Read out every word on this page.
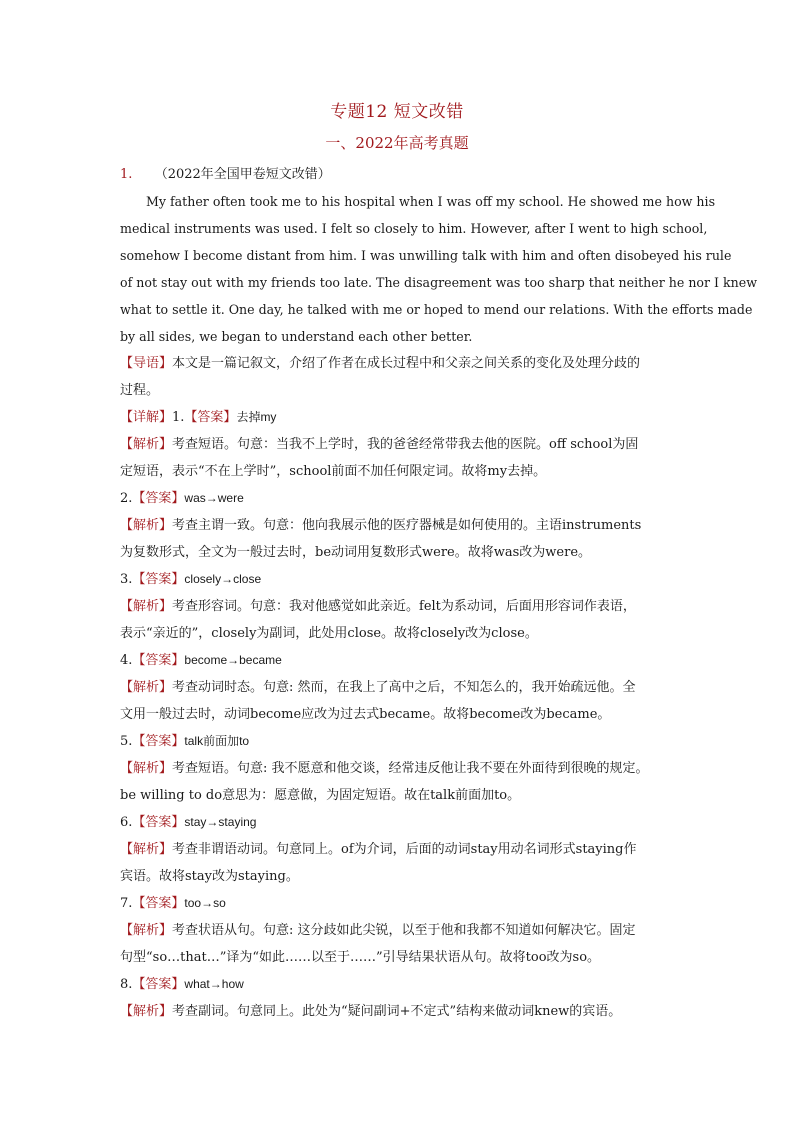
专题12 短文改错
一、2022年高考真题
1. （2022年全国甲卷短文改错）
My father often took me to his hospital when I was off my school. He showed me how his
medical instruments was used. I felt so closely to him. However, after I went to high school,
somehow I become distant from him. I was unwilling talk with him and often disobeyed his rule
of not stay out with my friends too late. The disagreement was too sharp that neither he nor I knew
what to settle it. One day, he talked with me or hoped to mend our relations. With the efforts made
by all sides, we began to understand each other better.
【导语】本文是一篇记叙文，介绍了作者在成长过程中和父亲之间关系的变化及处理分歧的
过程。
【详解】1.【答案】去掉my
【解析】考查短语。句意：当我不上学时，我的爸爸经常带我去他的医院。off school为固
定短语，表示“不在上学时”，school前面不加任何限定词。故将my去掉。
2.【答案】was→were
【解析】考查主谓一致。句意：他向我展示他的医疗器械是如何使用的。主语instruments
为复数形式，全文为一般过去时，be动词用复数形式were。故将was改为were。
3.【答案】closely→close
【解析】考查形容词。句意：我对他感觉如此亲近。felt为系动词，后面用形容词作表语，
表示“亲近的”，closely为副词，此处用close。故将closely改为close。
4.【答案】become→became
【解析】考查动词时态。句意: 然而，在我上了高中之后，不知怎么的，我开始疏远他。全
文用一般过去时，动词become应改为过去式became。故将become改为became。
5.【答案】talk前面加to
【解析】考查短语。句意: 我不愿意和他交谈，经常违反他让我不要在外面待到很晚的规定。
be willing to do意思为：愿意做，为固定短语。故在talk前面加to。
6.【答案】stay→staying
【解析】考查非谓语动词。句意同上。of为介词，后面的动词stay用动名词形式staying作
宾语。故将stay改为staying。
7.【答案】too→so
【解析】考查状语从句。句意: 这分歧如此尖锐，以至于他和我都不知道如何解决它。固定
句型“so…that…”译为“如此……以至于……”引导结果状语从句。故将too改为so。
8.【答案】what→how
【解析】考查副词。句意同上。此处为“疑问副词+不定式”结构来做动词knew的宾语。
